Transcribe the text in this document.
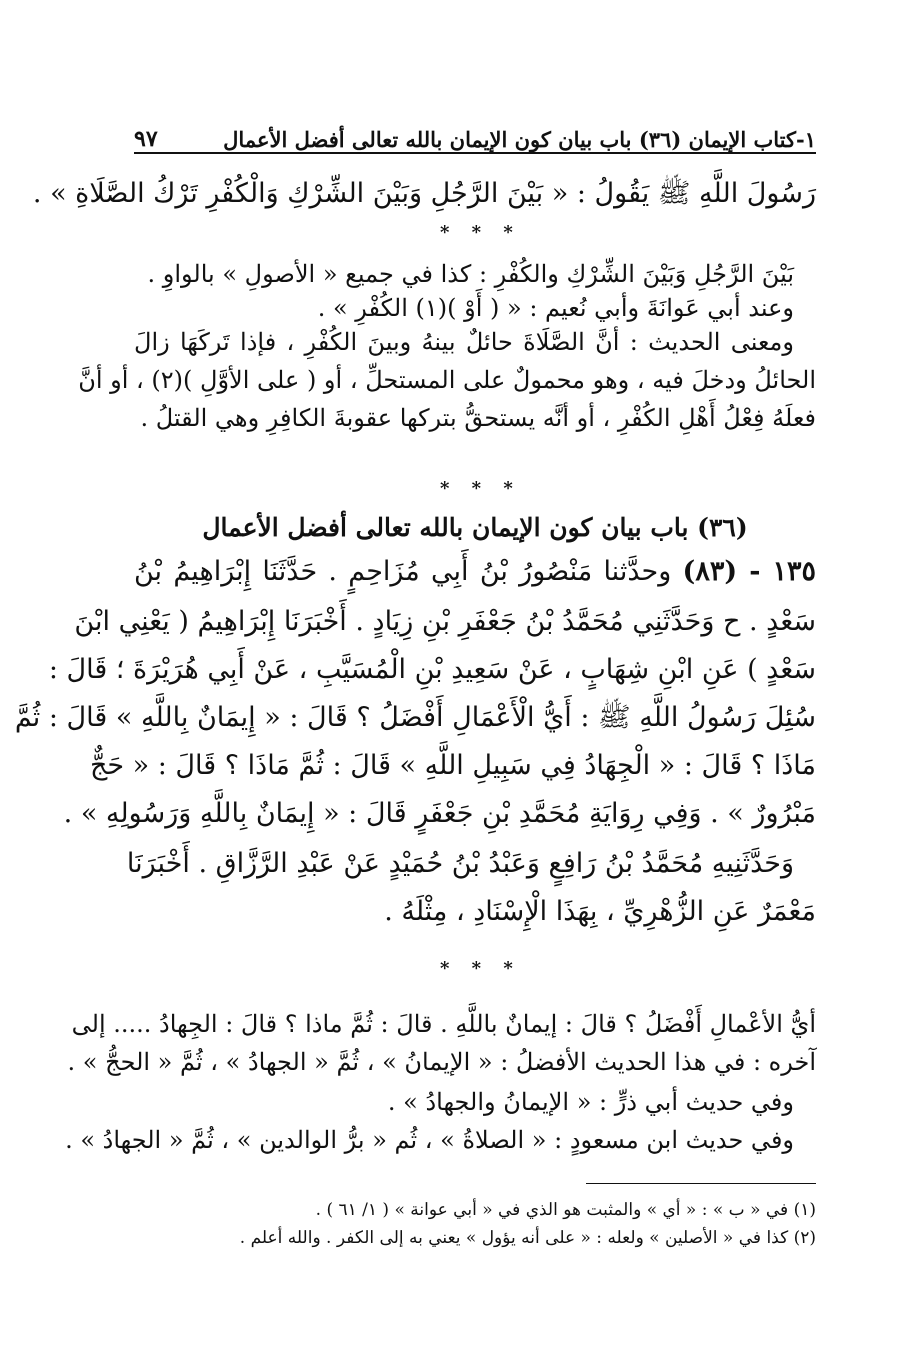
١-كتاب الإيمان (٣٦) باب بيان كون الإيمان بالله تعالى أفضل الأعمال
٩٧
رَسُولَ اللَّهِ ﷺ يَقُولُ : « بَيْنَ الرَّجُلِ وَبَيْنَ الشِّرْكِ وَالْكُفْرِ تَرْكُ الصَّلَاةِ » .
* * *
بَيْنَ الرَّجُلِ وَبَيْنَ الشِّرْكِ والكُفْرِ : كذا في جميع « الأصولِ » بالواوِ .
وعند أبي عَوانَةَ وأبي نُعيم : « ( أَوْ )(١) الكُفْرِ » .
ومعنى الحديث : أنَّ الصَّلَاةَ حائلٌ بينهُ وبينَ الكُفْرِ ، فإذا تَركَهَا زالَ
الحائلُ ودخلَ فيه ، وهو محمولٌ على المستحلِّ ، أو ( على الأوَّلِ )(٢) ، أو أنَّ
فعلَهُ فِعْلُ أَهْلِ الكُفْرِ ، أو أنَّه يستحقُّ بتركها عقوبةَ الكافِرِ وهي القتلُ .
* * *
(٣٦) باب بيان كون الإيمان بالله تعالى أفضل الأعمال
١٣٥ - (٨٣) وحدَّثنا مَنْصُورُ بْنُ أَبِي مُزَاحِمٍ . حَدَّثَنَا إِبْرَاهِيمُ بْنُ
سَعْدٍ . ح وَحَدَّثَنِي مُحَمَّدُ بْنُ جَعْفَرِ بْنِ زِيَادٍ . أَخْبَرَنَا إِبْرَاهِيمُ ( يَعْنِي ابْنَ
سَعْدٍ ) عَنِ ابْنِ شِهَابٍ ، عَنْ سَعِيدِ بْنِ الْمُسَيَّبِ ، عَنْ أَبِي هُرَيْرَةَ ؛ قَالَ :
سُئِلَ رَسُولُ اللَّهِ ﷺ : أَيُّ الْأَعْمَالِ أَفْضَلُ ؟ قَالَ : « إِيمَانٌ بِاللَّهِ » قَالَ : ثُمَّ
مَاذَا ؟ قَالَ : « الْجِهَادُ فِي سَبِيلِ اللَّهِ » قَالَ : ثُمَّ مَاذَا ؟ قَالَ : « حَجٌّ
مَبْرُورٌ » . وَفِي رِوَايَةِ مُحَمَّدِ بْنِ جَعْفَرٍ قَالَ : « إِيمَانٌ بِاللَّهِ وَرَسُولِهِ » .
وَحَدَّثَنِيهِ مُحَمَّدُ بْنُ رَافِعٍ وَعَبْدُ بْنُ حُمَيْدٍ عَنْ عَبْدِ الرَّزَّاقِ . أَخْبَرَنَا
مَعْمَرٌ عَنِ الزُّهْرِيِّ ، بِهَذَا الْإِسْنَادِ ، مِثْلَهُ .
* * *
أيُّ الأعْمالِ أَفْضَلُ ؟ قالَ : إيمانٌ باللَّهِ . قالَ : ثُمَّ ماذا ؟ قالَ : الجِهادُ ..... إلى
آخره : في هذا الحديث الأفضلُ : « الإيمانُ » ، ثُمَّ « الجهادُ » ، ثُمَّ « الحجُّ » .
وفي حديث أبي ذرٍّ : « الإيمانُ والجهادُ » .
وفي حديث ابن مسعودٍ : « الصلاةُ » ، ثُم « برُّ الوالدين » ، ثُمَّ « الجهادُ » .
(١) في « ب » : « أي » والمثبت هو الذي في « أبي عوانة » ( ١/ ٦١ ) .
(٢) كذا في « الأصلين » ولعله : « على أنه يؤول » يعني به إلى الكفر . والله أعلم .
